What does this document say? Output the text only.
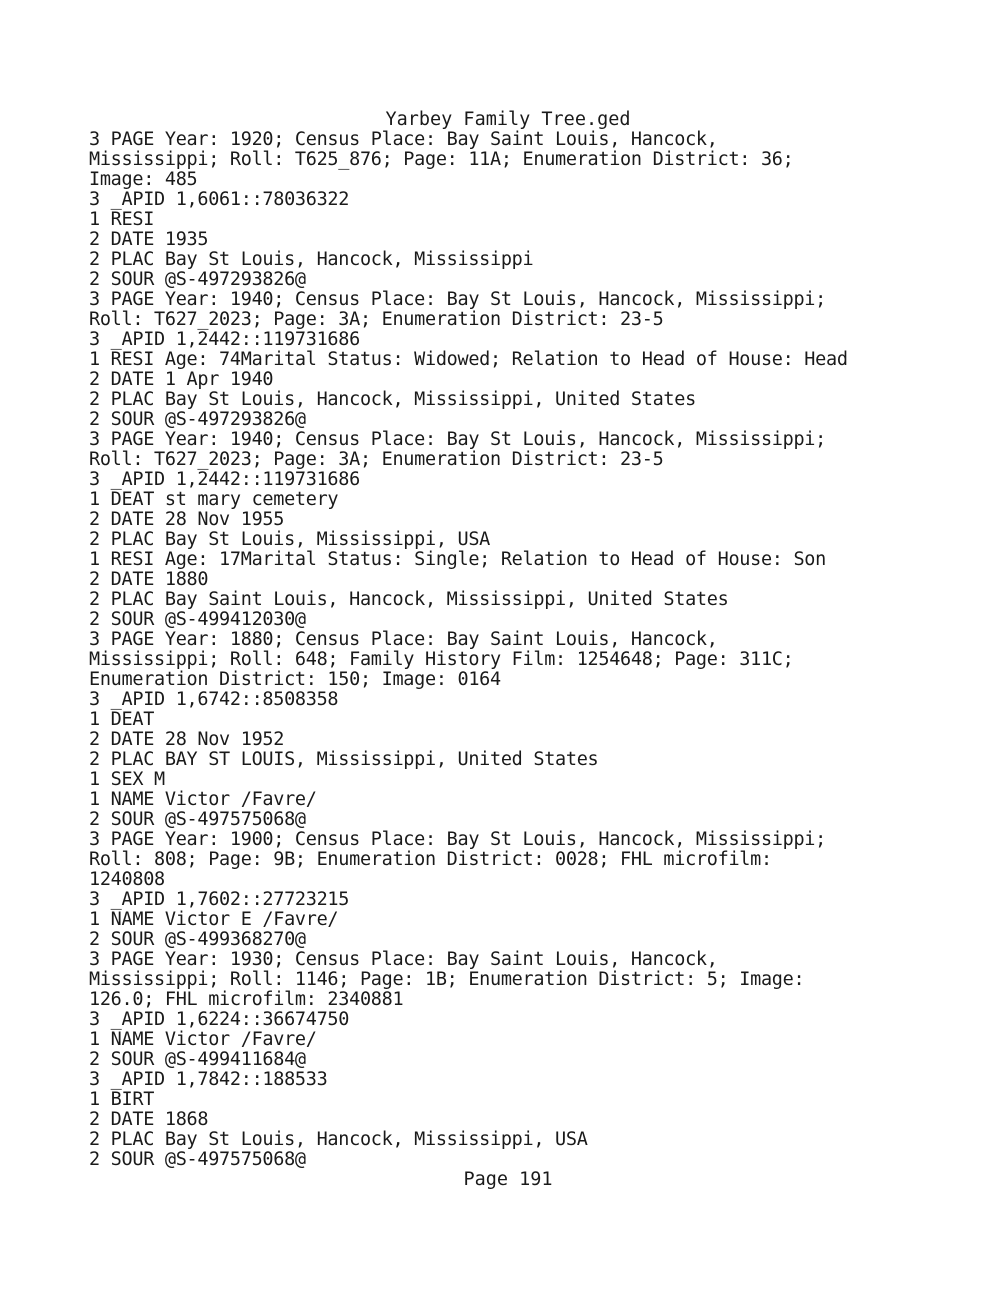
Yarbey Family Tree.ged
3 PAGE Year: 1920; Census Place: Bay Saint Louis, Hancock,
Mississippi; Roll: T625_876; Page: 11A; Enumeration District: 36;
Image: 485
3 _APID 1,6061::78036322
1 RESI
2 DATE 1935
2 PLAC Bay St Louis, Hancock, Mississippi
2 SOUR @S-497293826@
3 PAGE Year: 1940; Census Place: Bay St Louis, Hancock, Mississippi;
Roll: T627_2023; Page: 3A; Enumeration District: 23-5
3 _APID 1,2442::119731686
1 RESI Age: 74Marital Status: Widowed; Relation to Head of House: Head
2 DATE 1 Apr 1940
2 PLAC Bay St Louis, Hancock, Mississippi, United States
2 SOUR @S-497293826@
3 PAGE Year: 1940; Census Place: Bay St Louis, Hancock, Mississippi;
Roll: T627_2023; Page: 3A; Enumeration District: 23-5
3 _APID 1,2442::119731686
1 DEAT st mary cemetery
2 DATE 28 Nov 1955
2 PLAC Bay St Louis, Mississippi, USA
1 RESI Age: 17Marital Status: Single; Relation to Head of House: Son
2 DATE 1880
2 PLAC Bay Saint Louis, Hancock, Mississippi, United States
2 SOUR @S-499412030@
3 PAGE Year: 1880; Census Place: Bay Saint Louis, Hancock,
Mississippi; Roll: 648; Family History Film: 1254648; Page: 311C;
Enumeration District: 150; Image: 0164
3 _APID 1,6742::8508358
1 DEAT
2 DATE 28 Nov 1952
2 PLAC BAY ST LOUIS, Mississippi, United States
1 SEX M
1 NAME Victor /Favre/
2 SOUR @S-497575068@
3 PAGE Year: 1900; Census Place: Bay St Louis, Hancock, Mississippi;
Roll: 808; Page: 9B; Enumeration District: 0028; FHL microfilm:
1240808
3 _APID 1,7602::27723215
1 NAME Victor E /Favre/
2 SOUR @S-499368270@
3 PAGE Year: 1930; Census Place: Bay Saint Louis, Hancock,
Mississippi; Roll: 1146; Page: 1B; Enumeration District: 5; Image:
126.0; FHL microfilm: 2340881
3 _APID 1,6224::36674750
1 NAME Victor /Favre/
2 SOUR @S-499411684@
3 _APID 1,7842::188533
1 BIRT
2 DATE 1868
2 PLAC Bay St Louis, Hancock, Mississippi, USA
2 SOUR @S-497575068@
Page 191
